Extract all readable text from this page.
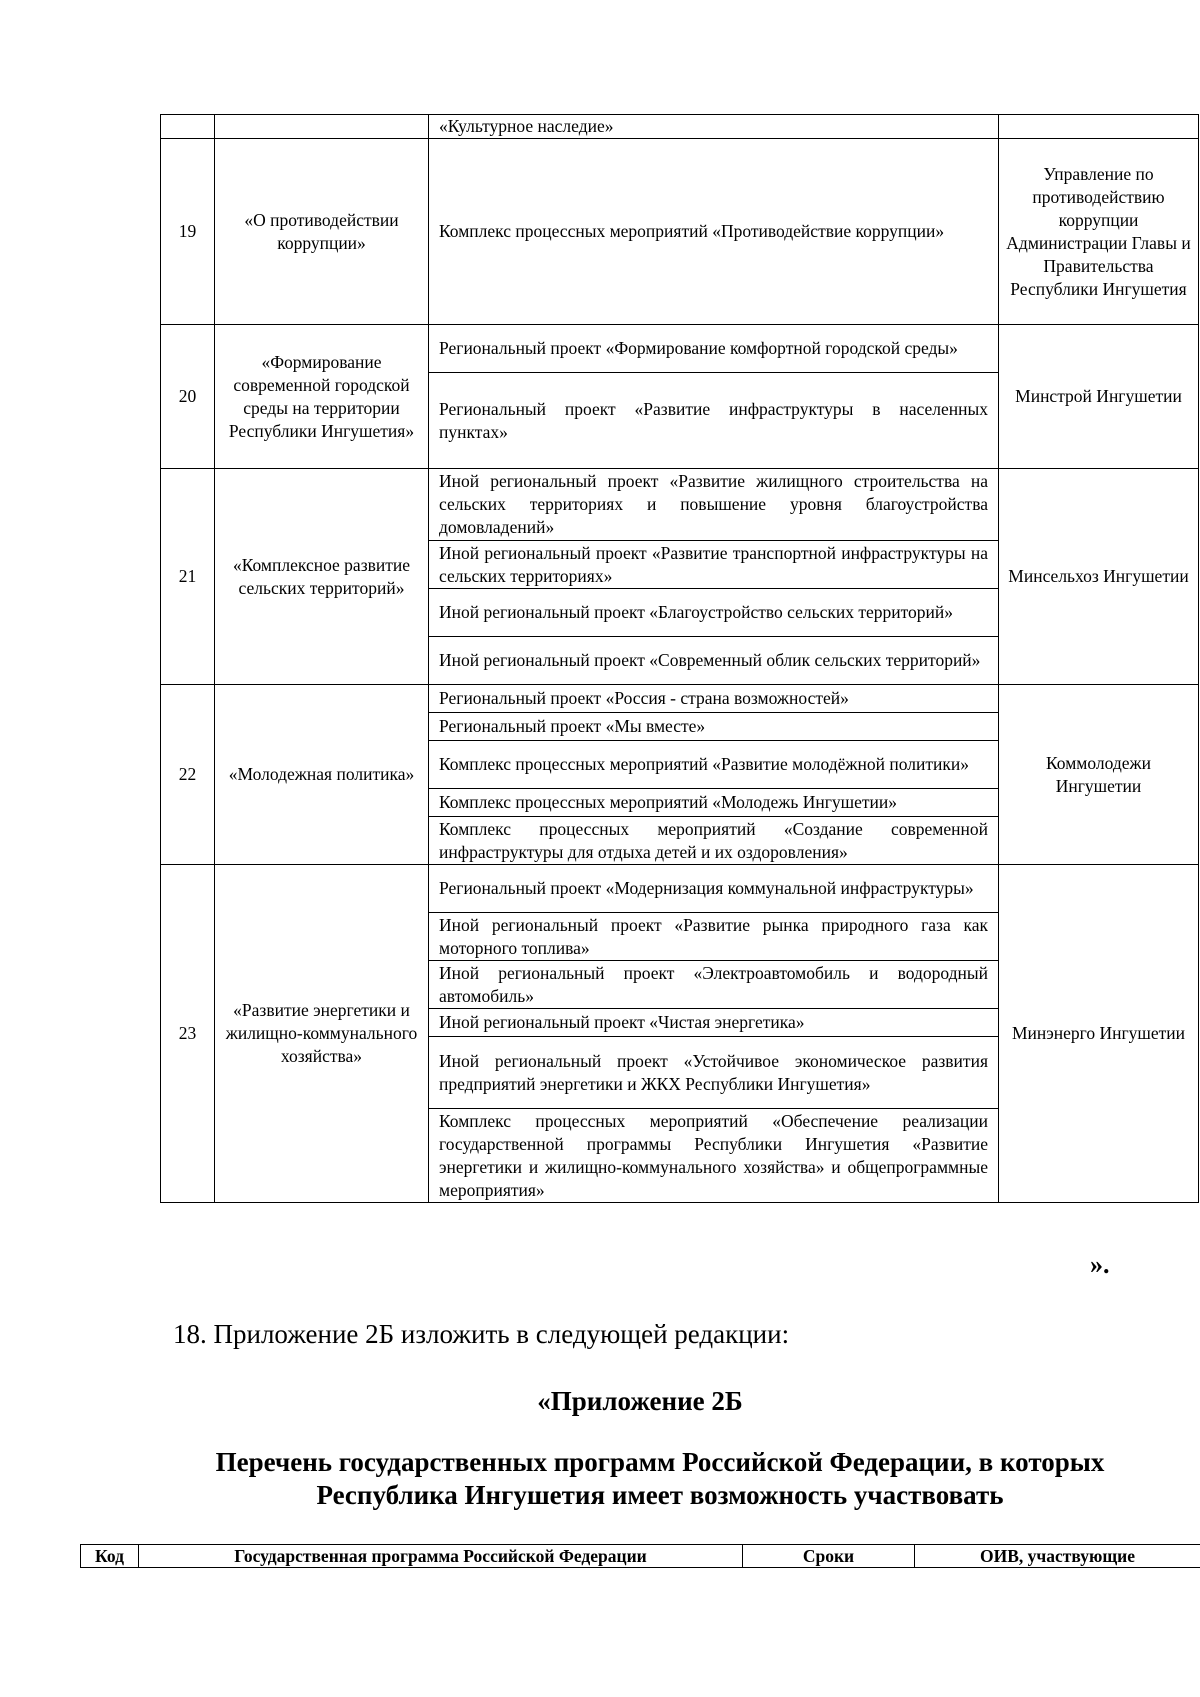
		«Культурное наследие»	
19	«О противодействии коррупции»	Комплекс процессных мероприятий «Противодействие коррупции»	Управление по противодействию коррупции Администрации Главы и Правительства Республики Ингушетия
20	«Формирование современной городской среды на территории Республики Ингушетия»	Региональный проект «Формирование комфортной городской среды»	Минстрой Ингушетии
		Региональный проект «Развитие инфраструктуры в населенных пунктах»	
21	«Комплексное развитие сельских территорий»	Иной региональный проект «Развитие жилищного строительства на сельских территориях и повышение уровня благоустройства домовладений»	Минсельхоз Ингушетии
		Иной региональный проект «Развитие транспортной инфраструктуры на сельских территориях»	
		Иной региональный проект «Благоустройство сельских территорий»	
		Иной региональный проект «Современный облик сельских территорий»	
22	«Молодежная политика»	Региональный проект «Россия - страна возможностей»	Коммолодежи Ингушетии
		Региональный проект «Мы вместе»	
		Комплекс процессных мероприятий «Развитие молодёжной политики»	
		Комплекс процессных мероприятий «Молодежь Ингушетии»	
		Комплекс процессных мероприятий «Создание современной инфраструктуры для отдыха детей и их оздоровления»	
23	«Развитие энергетики и жилищно-коммунального хозяйства»	Региональный проект «Модернизация коммунальной инфраструктуры»	Минэнерго Ингушетии
		Иной региональный проект «Развитие рынка природного газа как моторного топлива»	
		Иной региональный проект «Электроавтомобиль и водородный автомобиль»	
		Иной региональный проект «Чистая энергетика»	
		Иной региональный проект «Устойчивое экономическое развития предприятий энергетики и ЖКХ Республики Ингушетия»	
		Комплекс процессных мероприятий «Обеспечение реализации государственной программы Республики Ингушетия «Развитие энергетики и жилищно-коммунального хозяйства» и общепрограммные мероприятия»	
».
18. Приложение 2Б изложить в следующей редакции:
«Приложение 2Б
Перечень государственных программ Российской Федерации, в которых Республика Ингушетия имеет возможность участвовать
Код	Государственная программа Российской Федерации	Сроки	ОИВ, участвующие
